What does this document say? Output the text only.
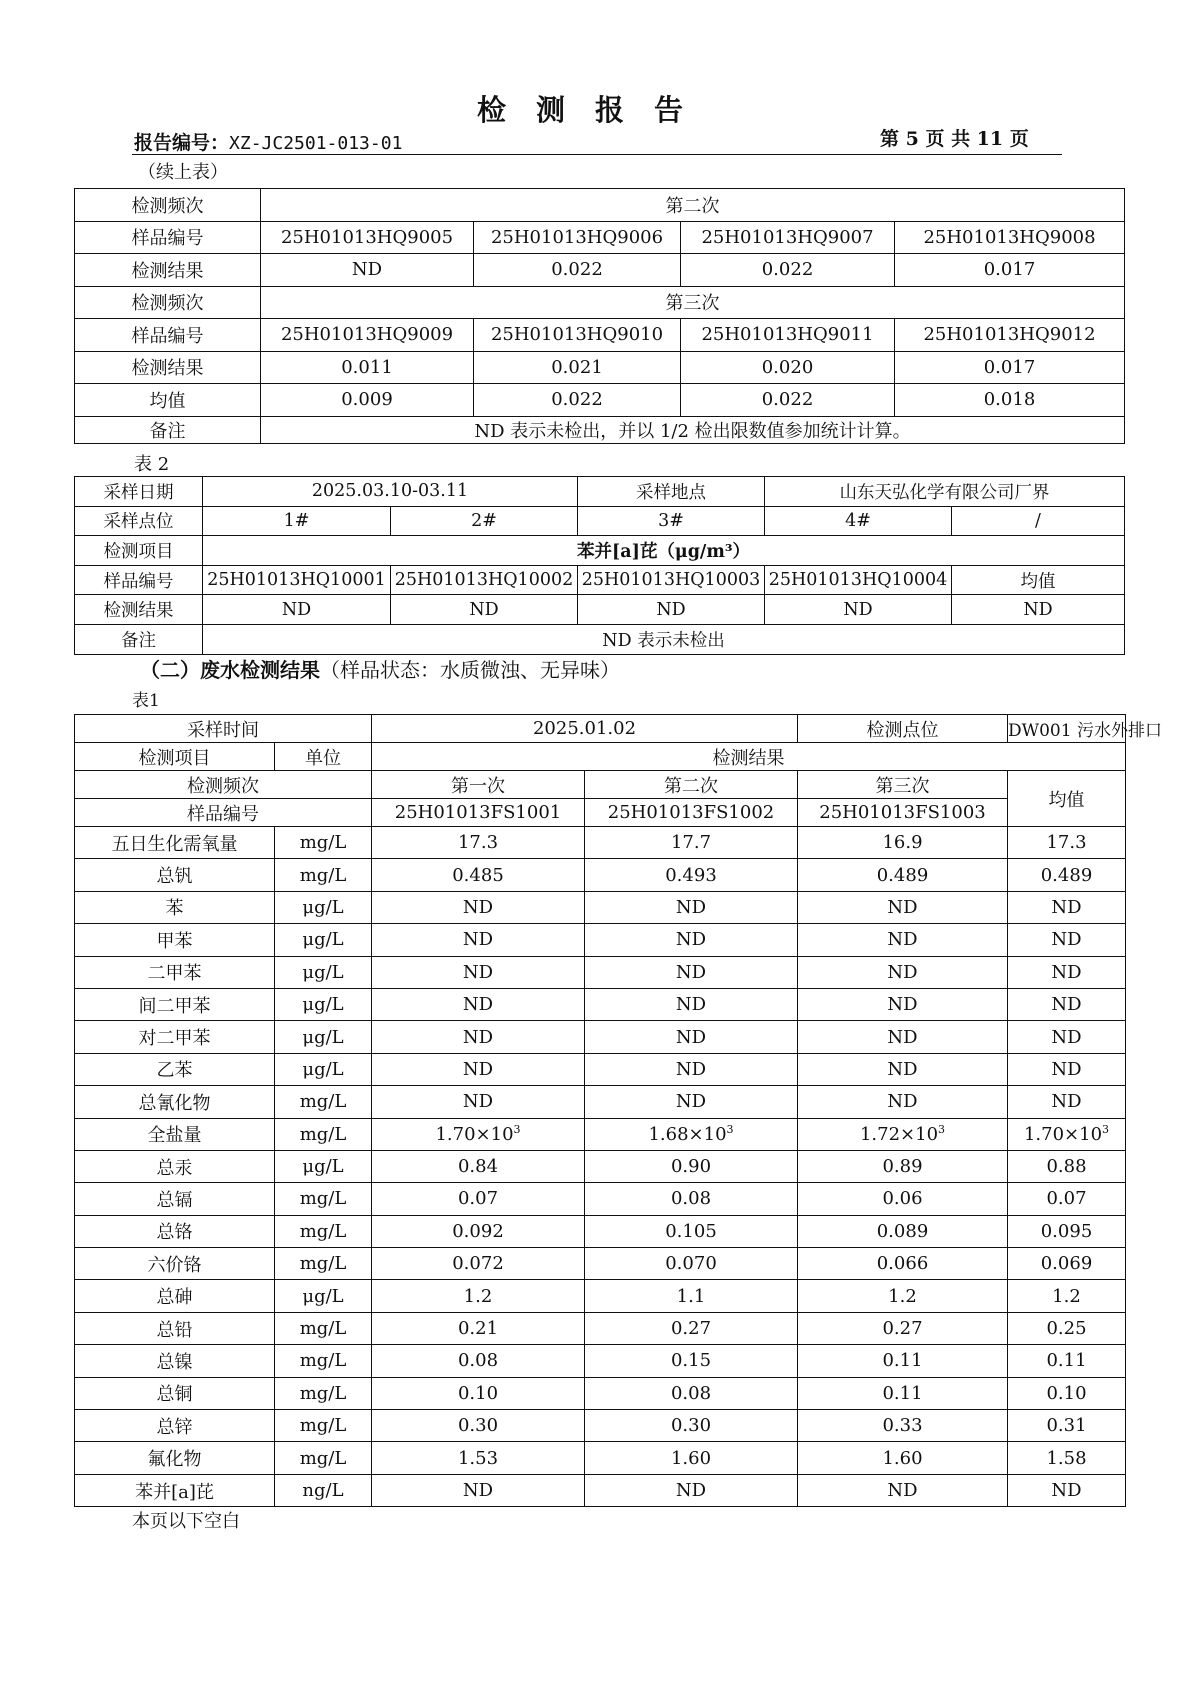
检测报告
报告编号：XZ-JC2501-013-01	第 5 页 共 11 页
（续上表）
检测频次	第二次			
样品编号	25H01013HQ9005	25H01013HQ9006	25H01013HQ9007	25H01013HQ9008
检测结果	ND	0.022	0.022	0.017
检测频次	第三次			
样品编号	25H01013HQ9009	25H01013HQ9010	25H01013HQ9011	25H01013HQ9012
检测结果	0.011	0.021	0.020	0.017
均值	0.009	0.022	0.022	0.018
备注	ND 表示未检出，并以 1/2 检出限数值参加统计计算。			
表 2
采样日期	2025.03.10-03.11		采样地点	山东天弘化学有限公司厂界	
采样点位	1#	2#	3#	4#	/
检测项目	苯并[a]芘（μg/m³）				
样品编号	25H01013HQ10001	25H01013HQ10002	25H01013HQ10003	25H01013HQ10004	均值
检测结果	ND	ND	ND	ND	ND
备注	ND 表示未检出				
（二）废水检测结果（样品状态：水质微浊、无异味）
表1
采样时间		2025.01.02		检测点位	DW001 污水外排口
检测项目	单位	检测结果			
检测频次		第一次	第二次	第三次	均值
样品编号		25H01013FS1001	25H01013FS1002	25H01013FS1003	
五日生化需氧量	mg/L	17.3	17.7	16.9	17.3
总钒	mg/L	0.485	0.493	0.489	0.489
苯	μg/L	ND	ND	ND	ND
甲苯	μg/L	ND	ND	ND	ND
二甲苯	μg/L	ND	ND	ND	ND
间二甲苯	μg/L	ND	ND	ND	ND
对二甲苯	μg/L	ND	ND	ND	ND
乙苯	μg/L	ND	ND	ND	ND
总氰化物	mg/L	ND	ND	ND	ND
全盐量	mg/L	$1.70\times 10^3$	$1.68\times 10^3$	$1.72\times 10^3$	$1.70\times 10^3$
总汞	μg/L	0.84	0.90	0.89	0.88
总镉	mg/L	0.07	0.08	0.06	0.07
总铬	mg/L	0.092	0.105	0.089	0.095
六价铬	mg/L	0.072	0.070	0.066	0.069
总砷	μg/L	1.2	1.1	1.2	1.2
总铅	mg/L	0.21	0.27	0.27	0.25
总镍	mg/L	0.08	0.15	0.11	0.11
总铜	mg/L	0.10	0.08	0.11	0.10
总锌	mg/L	0.30	0.30	0.33	0.31
氟化物	mg/L	1.53	1.60	1.60	1.58
苯并[a]芘	ng/L	ND	ND	ND	ND
本页以下空白
